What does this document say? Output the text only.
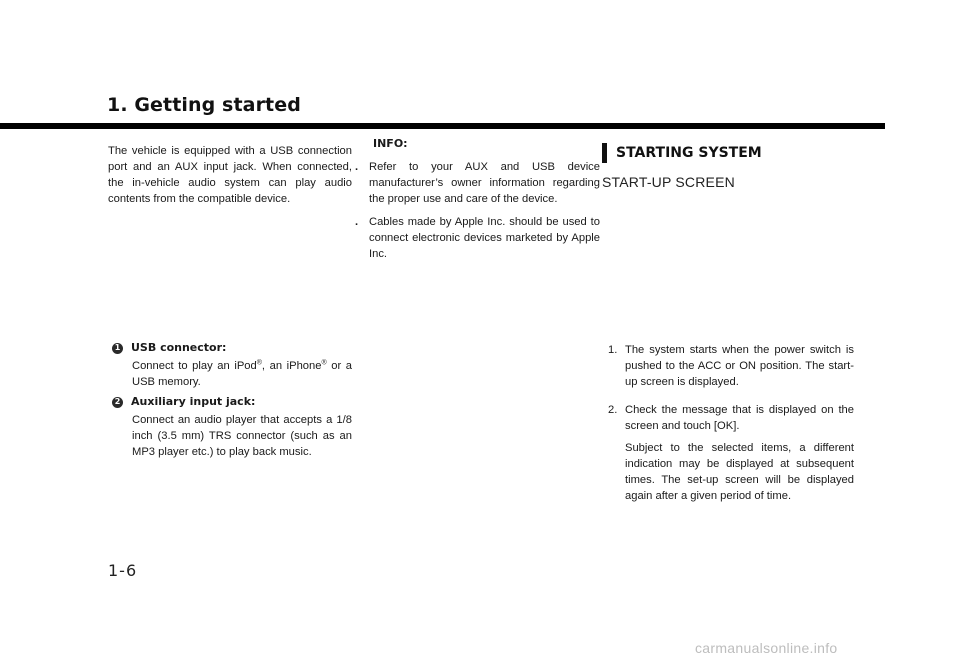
1. Getting started

The vehicle is equipped with a USB connection port and an AUX input jack. When connected, the in-vehicle audio system can play audio contents from the compatible device.

1 USB connector:
Connect to play an iPod®, an iPhone® or a USB memory.
2 Auxiliary input jack:
Connect an audio player that accepts a 1/8 inch (3.5 mm) TRS connector (such as an MP3 player etc.) to play back music.
INFO:
. Refer to your AUX and USB device manufacturer’s owner information regarding the proper use and care of the device.
. Cables made by Apple Inc. should be used to connect electronic devices marketed by Apple Inc.
STARTING SYSTEM
START-UP SCREEN
1. The system starts when the power switch is pushed to the ACC or ON position. The start-up screen is displayed.

2. Check the message that is displayed on the screen and touch [OK].

Subject to the selected items, a different indication may be displayed at subsequent times. The set-up screen will be displayed again after a given period of time.

1-6
carmanualsonline.info
